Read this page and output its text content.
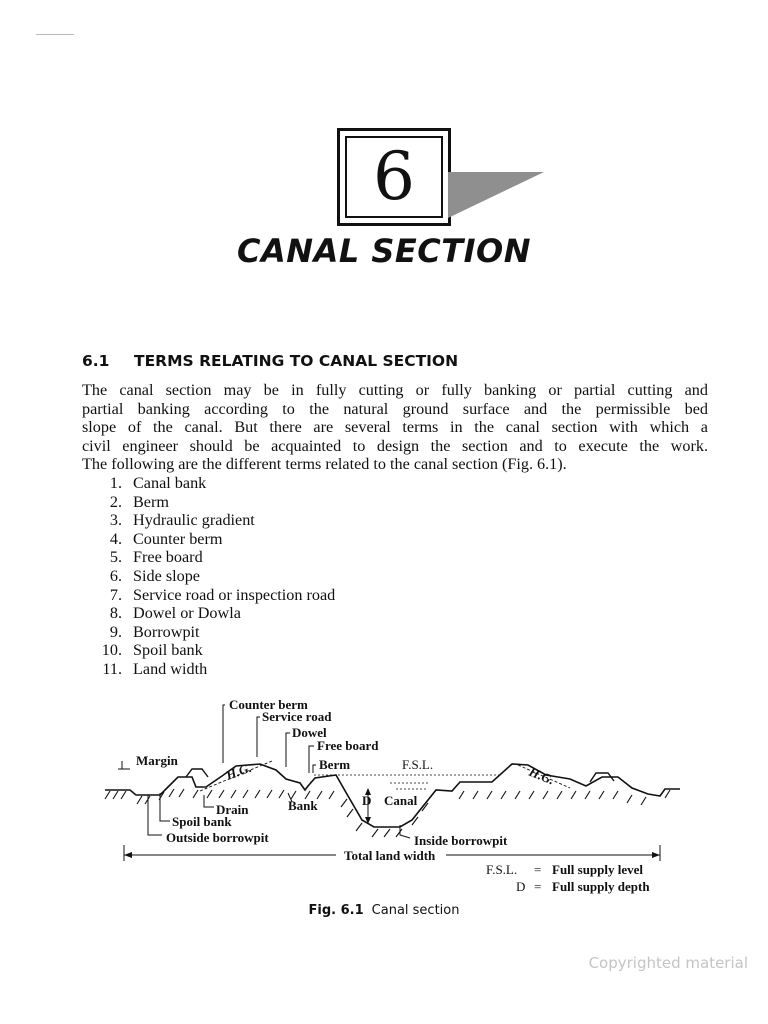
6
CANAL SECTION
6.1 TERMS RELATING TO CANAL SECTION

The canal section may be in fully cutting or fully banking or partial cutting and
partial banking according to the natural ground surface and the permissible bed
slope of the canal. But there are several terms in the canal section with which a
civil engineer should be acquainted to design the section and to execute the work.
The following are the different terms related to the canal section (Fig. 6.1).

1. Canal bank
2. Berm
3. Hydraulic gradient
4. Counter berm
5. Free board
6. Side slope
7. Service road or inspection road
8. Dowel or Dowla
9. Borrowpit
10. Spoil bank
11. Land width
Counter berm
Service road
Dowel
Free board
Margin	Berm	F.S.L.
H.G.	H.G.
D Canal
Bank
Drain
Spoil bank
Outside borrowpit	Inside borrowpit
Total land width
F.S.L. = Full supply level
D = Full supply depth
Fig. 6.1 Canal section
Copyrighted material
